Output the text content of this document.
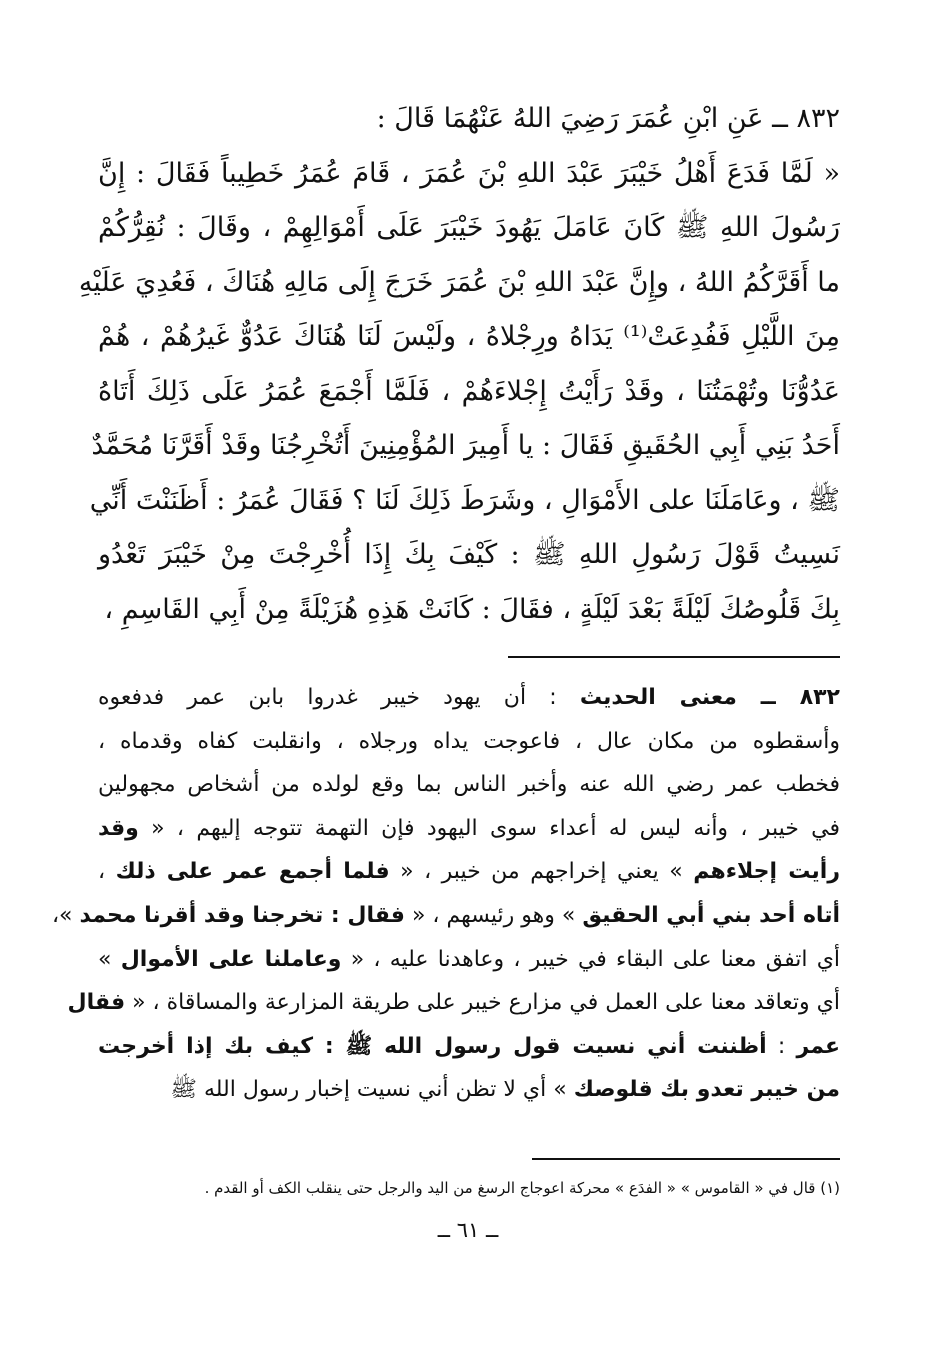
٨٣٢ ــ عَنِ ابْنِ عُمَرَ رَضِيَ اللهُ عَنْهُمَا قَالَ :
« لَمَّا فَدَعَ أَهْلُ خَيْبَرَ عَبْدَ اللهِ بْنَ عُمَرَ ، قَامَ عُمَرُ خَطِيباً فَقَالَ : إِنَّ
رَسُولَ اللهِ ﷺ كَانَ عَامَلَ يَهُودَ خَيْبَرَ عَلَى أَمْوَالِهِمْ ، وقَالَ : نُقِرُّكُمْ
ما أَقَرَّكُمُ اللهُ ، وإِنَّ عَبْدَ اللهِ بْنَ عُمَرَ خَرَجَ إِلَى مَالِهِ هُنَاكَ ، فَعُدِيَ عَلَيْهِ
مِنَ اللَّيْلِ فَفُدِعَتْ⁽¹⁾ يَدَاهُ ورِجْلاهُ ، ولَيْسَ لَنَا هُنَاكَ عَدُوٌّ غَيرُهُمْ ، هُمْ
عَدُوُّنَا وتُهْمَتُنَا ، وقَدْ رَأَيْتُ إِجْلاءَهُمْ ، فَلَمَّا أَجْمَعَ عُمَرُ عَلَى ذَلِكَ أَتَاهُ
أَحَدُ بَنِي أَبِي الحُقَيقِ فَقَالَ : يا أَمِيرَ المُؤْمِنِينَ أَتُخْرِجُنَا وقَدْ أَقَرَّنَا مُحَمَّدٌ
ﷺ ، وعَامَلَنَا على الأَمْوَالِ ، وشَرَطَ ذَلِكَ لَنَا ؟ فَقَالَ عُمَرُ : أَظَنَنْتَ أَنِّي
نَسِيتُ قَوْلَ رَسُولِ اللهِ ﷺ : كَيْفَ بِكَ إِذَا أُخْرِجْتَ مِنْ خَيْبَرَ تَعْدُو
بِكَ قَلُوصُكَ لَيْلَةً بَعْدَ لَيْلَةٍ ، فقَالَ : كَانَتْ هَذِهِ هُزَيْلَةً مِنْ أَبِي القَاسِمِ ،
٨٣٢ ــ معنى الحديث : أن يهود خيبر غدروا بابن عمر فدفعوه
وأسقطوه من مكان عال ، فاعوجت يداه ورجلاه ، وانقلبت كفاه وقدماه ،
فخطب عمر رضي الله عنه وأخبر الناس بما وقع لولده من أشخاص مجهولين
في خيبر ، وأنه ليس له أعداء سوى اليهود فإن التهمة تتوجه إليهم ، « وقد
رأيت إجلاءهم » يعني إخراجهم من خيبر ، « فلما أجمع عمر على ذلك ،
أتاه أحد بني أبي الحقيق » وهو رئيسهم ، « فقال : تخرجنا وقد أقرنا محمد »،
أي اتفق معنا على البقاء في خيبر ، وعاهدنا عليه ، « وعاملنا على الأموال »
أي وتعاقد معنا على العمل في مزارع خيبر على طريقة المزارعة والمساقاة ، « فقال
عمر : أظننت أني نسيت قول رسول الله ﷺ : كيف بك إذا أخرجت
من خيبر تعدو بك قلوصك » أي لا تظن أني نسيت إخبار رسول الله ﷺ
(١) قال في « القاموس » « الفدَع » محركة اعوجاج الرسغ من اليد والرجل حتى ينقلب الكف أو القدم .
ــ ٦١ ــ
